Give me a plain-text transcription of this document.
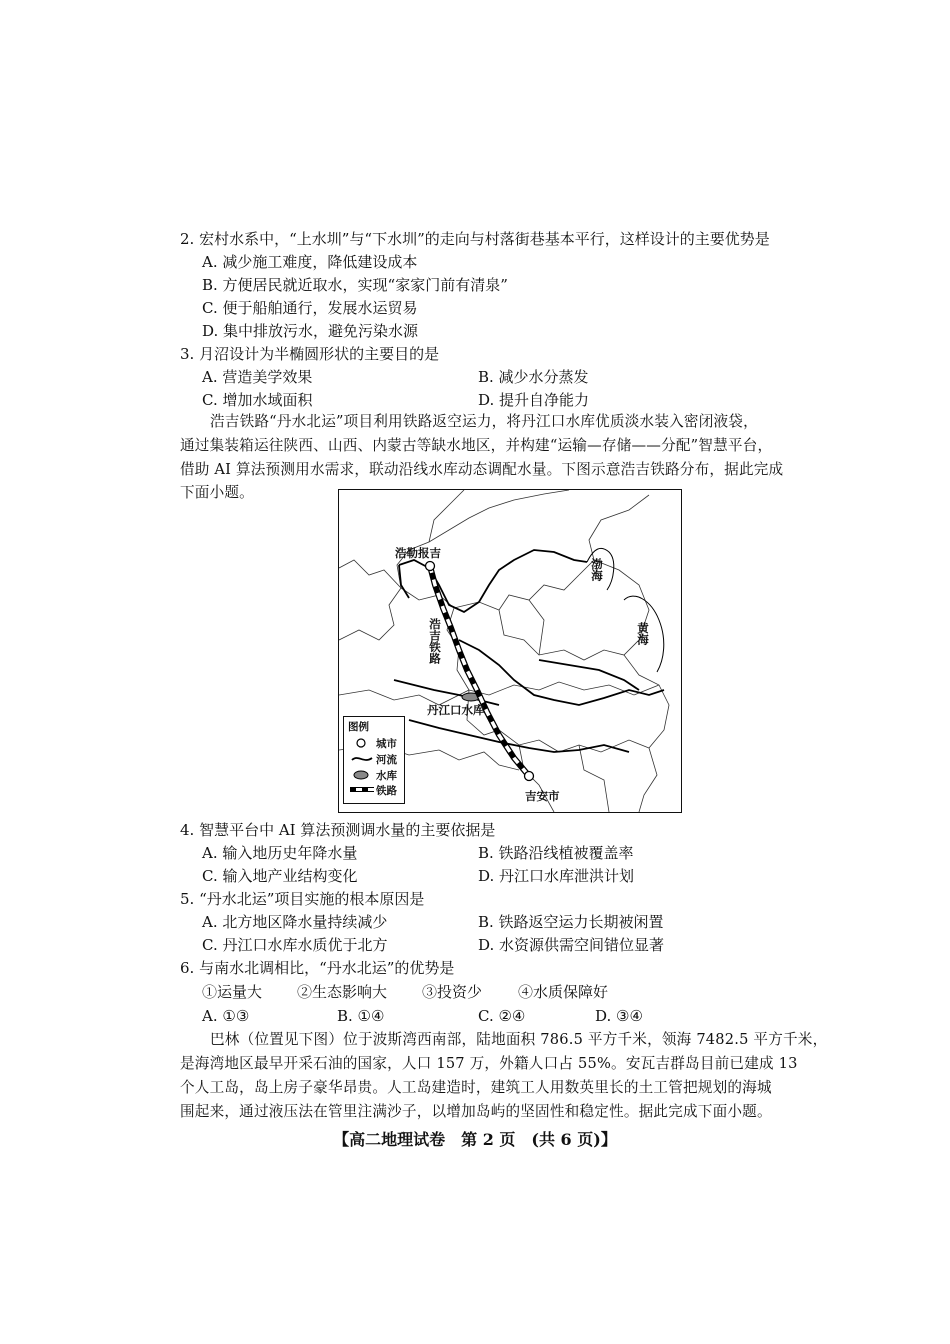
2. 宏村水系中，“上水圳”与“下水圳”的走向与村落街巷基本平行，这样设计的主要优势是
A. 减少施工难度，降低建设成本
B. 方便居民就近取水，实现“家家门前有清泉”
C. 便于船舶通行，发展水运贸易
D. 集中排放污水，避免污染水源
3. 月沼设计为半椭圆形状的主要目的是
A. 营造美学效果	B. 减少水分蒸发
C. 增加水域面积	D. 提升自净能力
浩吉铁路“丹水北运”项目利用铁路返空运力，将丹江口水库优质淡水装入密闭液袋，
通过集装箱运往陕西、山西、内蒙古等缺水地区，并构建“运输—存储——分配”智慧平台，
借助 AI 算法预测用水需求，联动沿线水库动态调配水量。下图示意浩吉铁路分布，据此完成
下面小题。
浩勒报吉
渤海
黄海
浩吉铁路
丹江口水库
吉安市
图例
城市
河流
水库
铁路
4. 智慧平台中 AI 算法预测调水量的主要依据是
A. 输入地历史年降水量	B. 铁路沿线植被覆盖率
C. 输入地产业结构变化	D. 丹江口水库泄洪计划
5. “丹水北运”项目实施的根本原因是
A. 北方地区降水量持续减少	B. 铁路返空运力长期被闲置
C. 丹江口水库水质优于北方	D. 水资源供需空间错位显著
6. 与南水北调相比，“丹水北运”的优势是
①运量大 ②生态影响大 ③投资少 ④水质保障好
A. ①③	B. ①④	C. ②④	D. ③④
巴林（位置见下图）位于波斯湾西南部，陆地面积 786.5 平方千米，领海 7482.5 平方千米，
是海湾地区最早开采石油的国家，人口 157 万，外籍人口占 55%。安瓦吉群岛目前已建成 13
个人工岛，岛上房子豪华昂贵。人工岛建造时，建筑工人用数英里长的土工管把规划的海城
围起来，通过液压法在管里注满沙子，以增加岛屿的坚固性和稳定性。据此完成下面小题。
【高二地理试卷　第 2 页　(共 6 页)】
